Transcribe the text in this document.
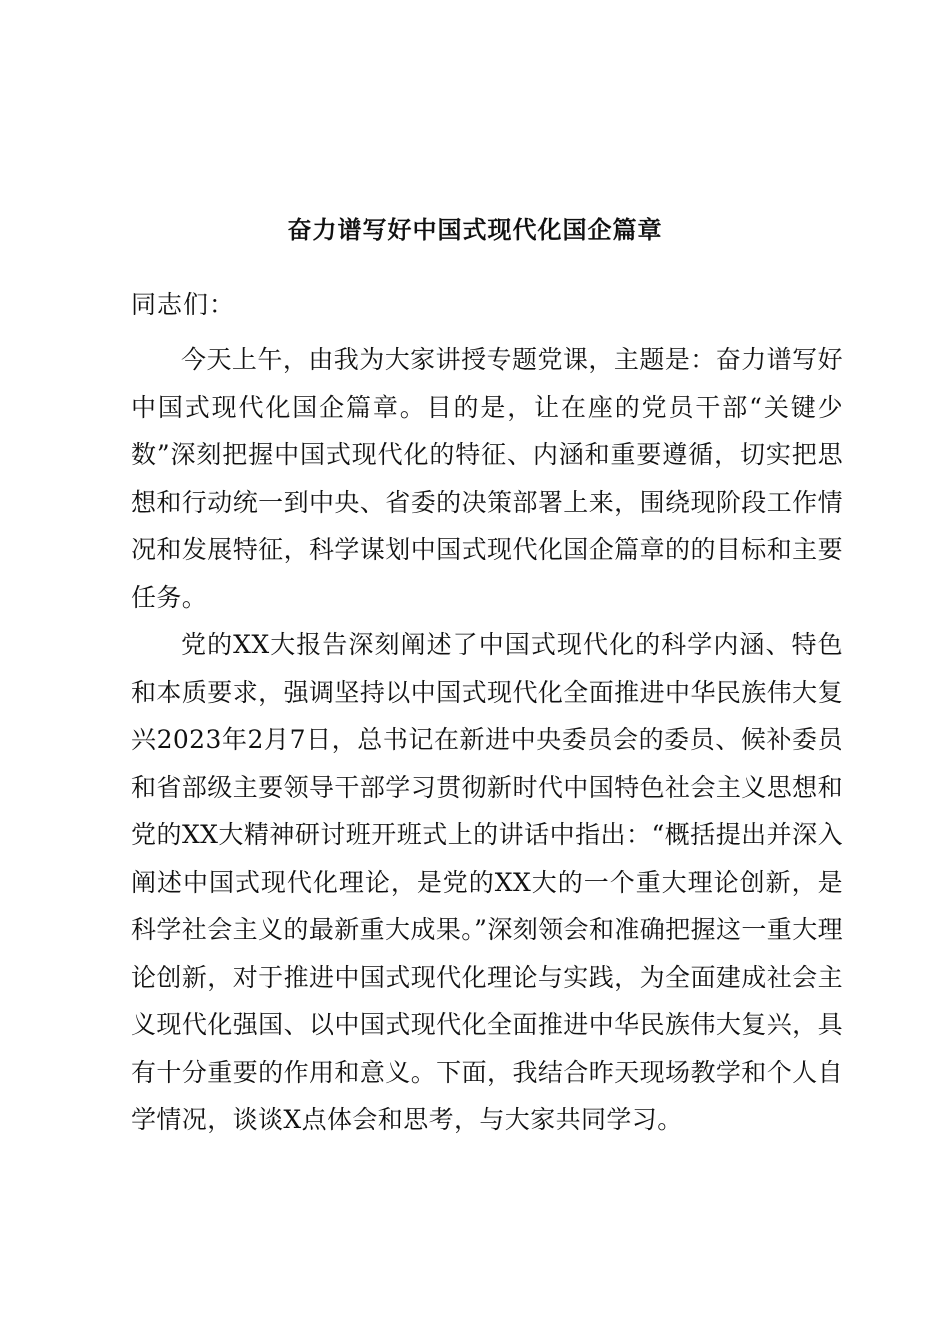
奋力谱写好中国式现代化国企篇章

同志们：

今天上午，由我为大家讲授专题党课，主题是：奋力谱写好中国式现代化国企篇章。目的是，让在座的党员干部“关键少数”深刻把握中国式现代化的特征、内涵和重要遵循，切实把思想和行动统一到中央、省委的决策部署上来，围绕现阶段工作情况和发展特征，科学谋划中国式现代化国企篇章的的目标和主要任务。

党的XX大报告深刻阐述了中国式现代化的科学内涵、特色和本质要求，强调坚持以中国式现代化全面推进中华民族伟大复兴2023年2月7日，总书记在新进中央委员会的委员、候补委员和省部级主要领导干部学习贯彻新时代中国特色社会主义思想和党的XX大精神研讨班开班式上的讲话中指出：“概括提出并深入阐述中国式现代化理论，是党的XX大的一个重大理论创新，是科学社会主义的最新重大成果。”深刻领会和准确把握这一重大理论创新，对于推进中国式现代化理论与实践，为全面建成社会主义现代化强国、以中国式现代化全面推进中华民族伟大复兴，具有十分重要的作用和意义。下面，我结合昨天现场教学和个人自学情况，谈谈X点体会和思考，与大家共同学习。
